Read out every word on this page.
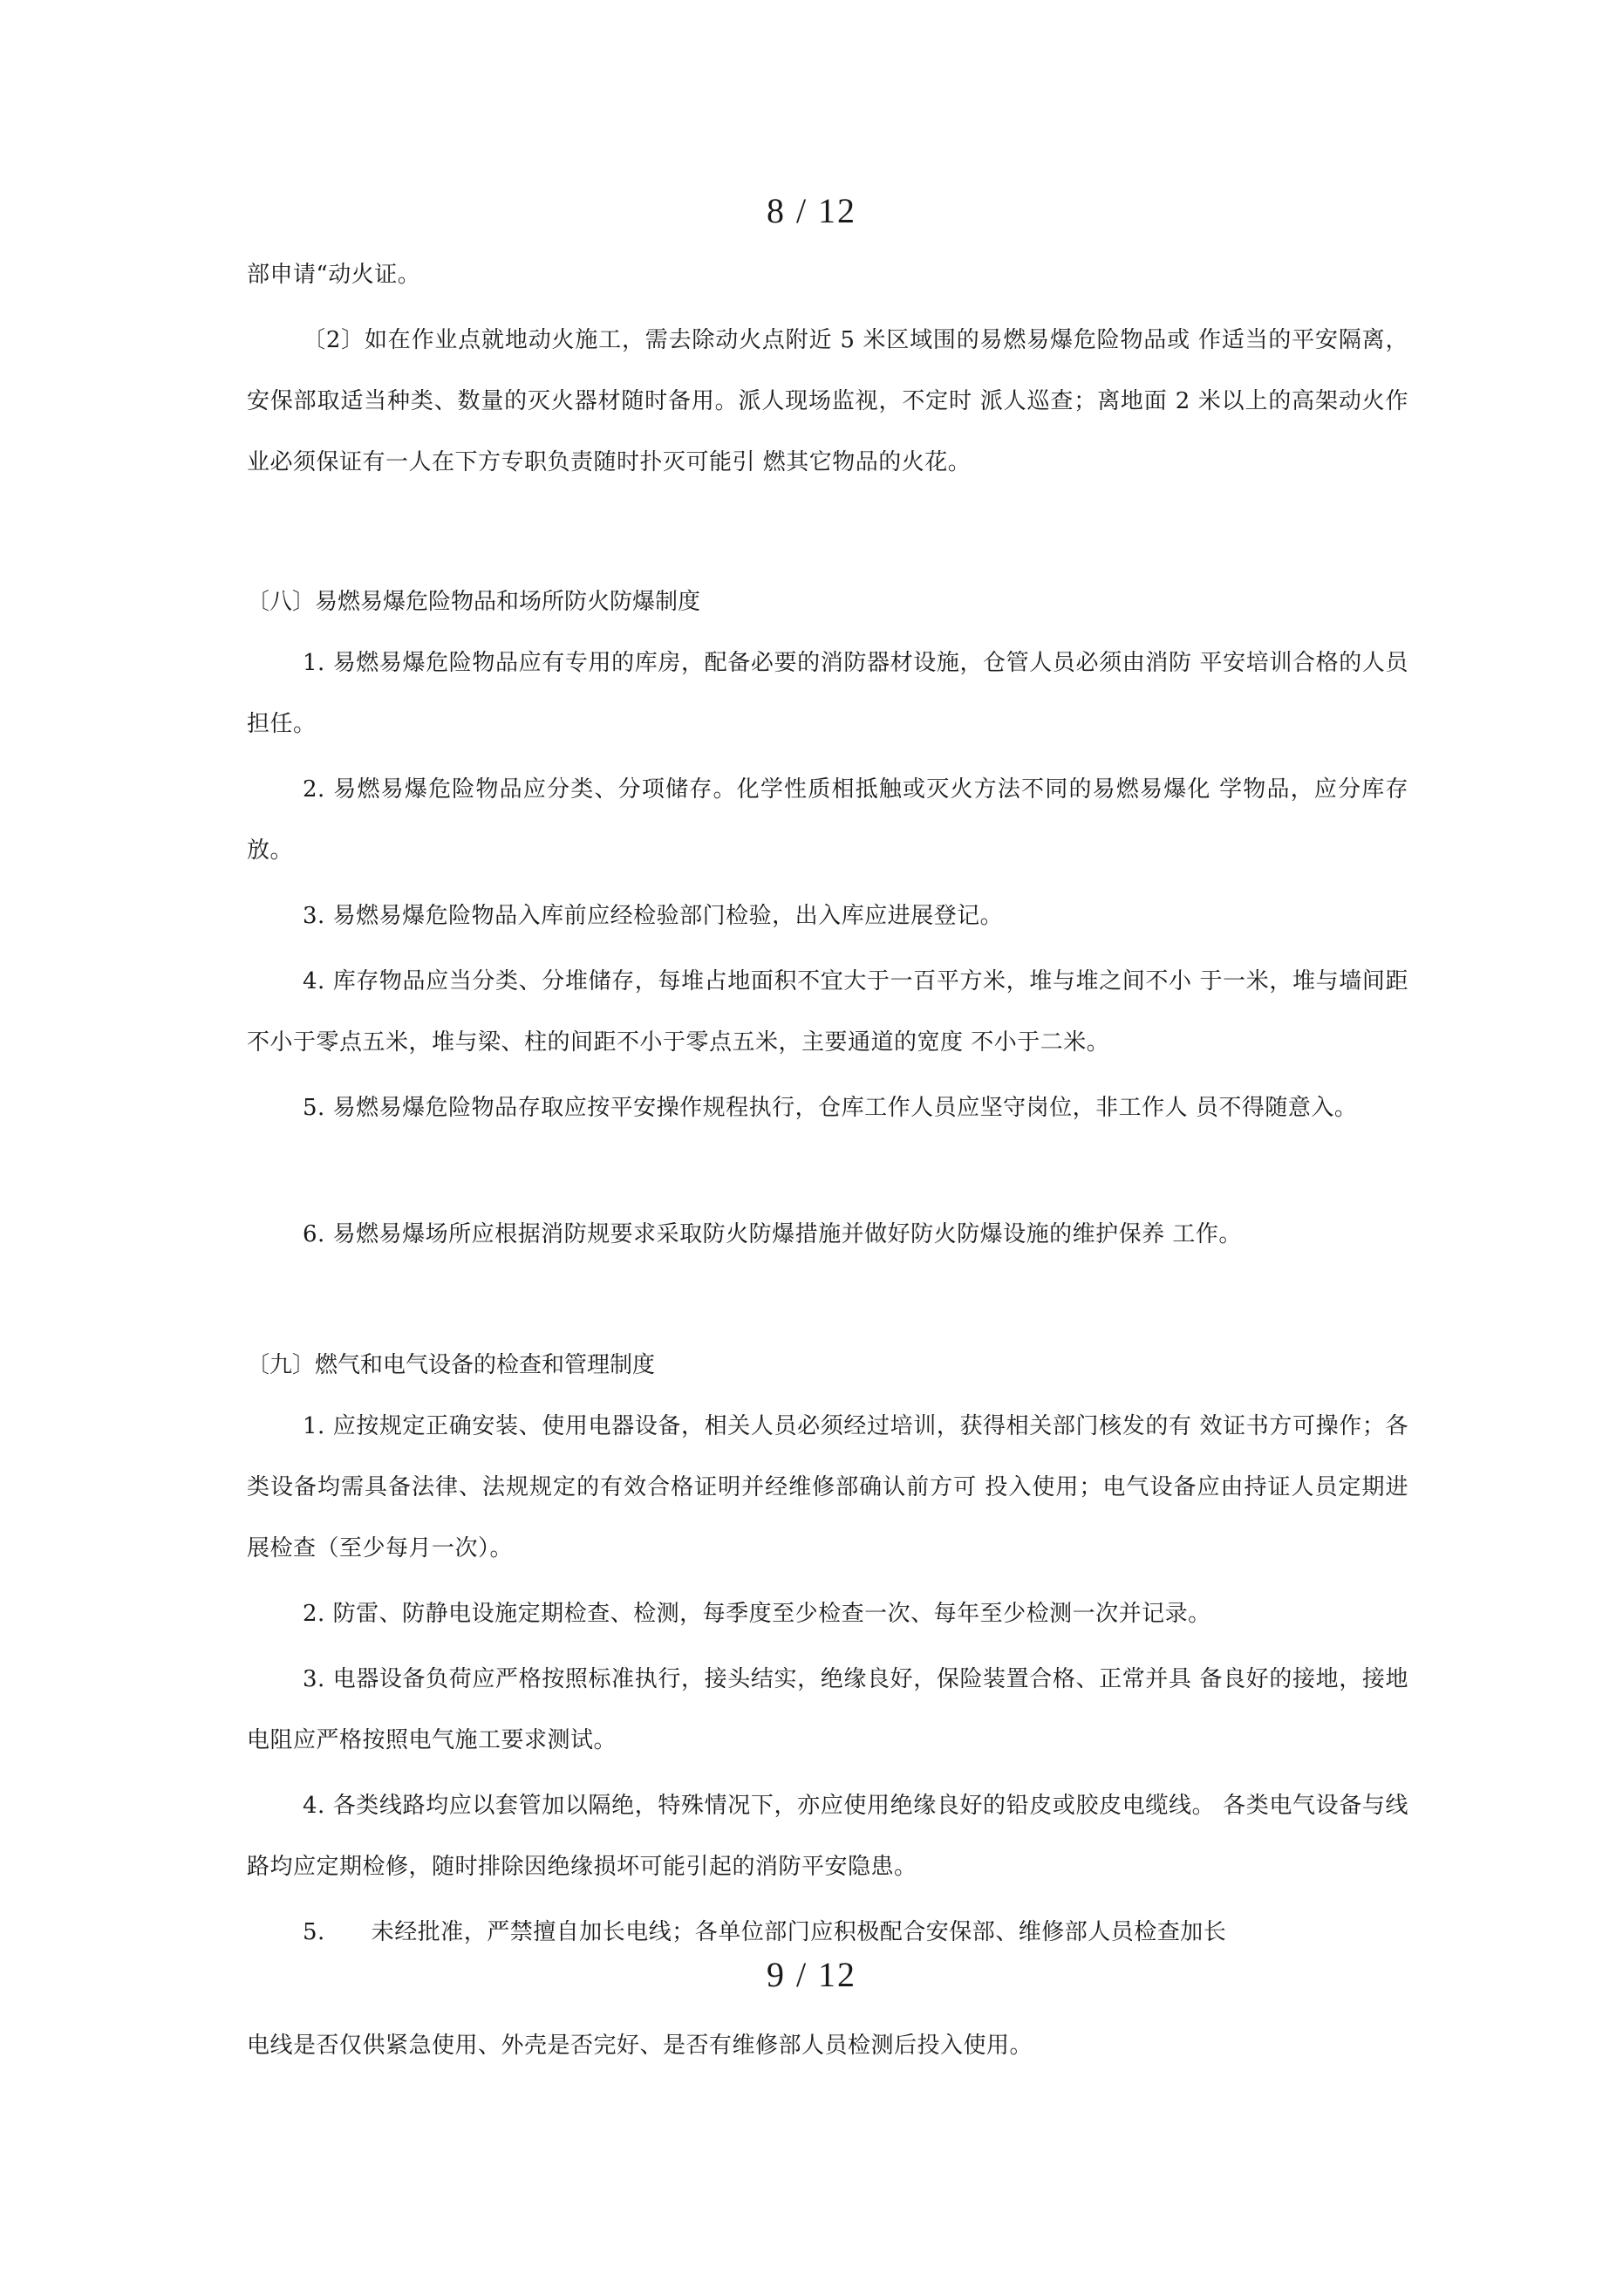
8 / 12
部申请“动火证。
〔2〕如在作业点就地动火施工，需去除动火点附近 5 米区域围的易燃易爆危险物品或 作适当的平安隔离，安保部取适当种类、数量的灭火器材随时备用。派人现场监视，不定时 派人巡查；离地面 2 米以上的高架动火作业必须保证有一人在下方专职负责随时扑灭可能引 燃其它物品的火花。
〔八〕易燃易爆危险物品和场所防火防爆制度
1. 易燃易爆危险物品应有专用的库房，配备必要的消防器材设施，仓管人员必须由消防 平安培训合格的人员担任。
2. 易燃易爆危险物品应分类、分项储存。化学性质相抵触或灭火方法不同的易燃易爆化 学物品，应分库存放。
3. 易燃易爆危险物品入库前应经检验部门检验，出入库应进展登记。
4. 库存物品应当分类、分堆储存，每堆占地面积不宜大于一百平方米，堆与堆之间不小 于一米，堆与墙间距不小于零点五米，堆与梁、柱的间距不小于零点五米，主要通道的宽度 不小于二米。
5. 易燃易爆危险物品存取应按平安操作规程执行，仓库工作人员应坚守岗位，非工作人 员不得随意入。
6. 易燃易爆场所应根据消防规要求采取防火防爆措施并做好防火防爆设施的维护保养 工作。
〔九〕燃气和电气设备的检查和管理制度
1. 应按规定正确安装、使用电器设备，相关人员必须经过培训，获得相关部门核发的有 效证书方可操作；各类设备均需具备法律、法规规定的有效合格证明并经维修部确认前方可 投入使用；电气设备应由持证人员定期进展检查（至少每月一次）。
2. 防雷、防静电设施定期检查、检测，每季度至少检查一次、每年至少检测一次并记录。
3. 电器设备负荷应严格按照标准执行，接头结实，绝缘良好，保险装置合格、正常并具 备良好的接地，接地电阻应严格按照电气施工要求测试。
4. 各类线路均应以套管加以隔绝，特殊情况下，亦应使用绝缘良好的铅皮或胶皮电缆线。 各类电气设备与线路均应定期检修，随时排除因绝缘损坏可能引起的消防平安隐患。
5.　　未经批准，严禁擅自加长电线；各单位部门应积极配合安保部、维修部人员检查加长
9 / 12
电线是否仅供紧急使用、外壳是否完好、是否有维修部人员检测后投入使用。
